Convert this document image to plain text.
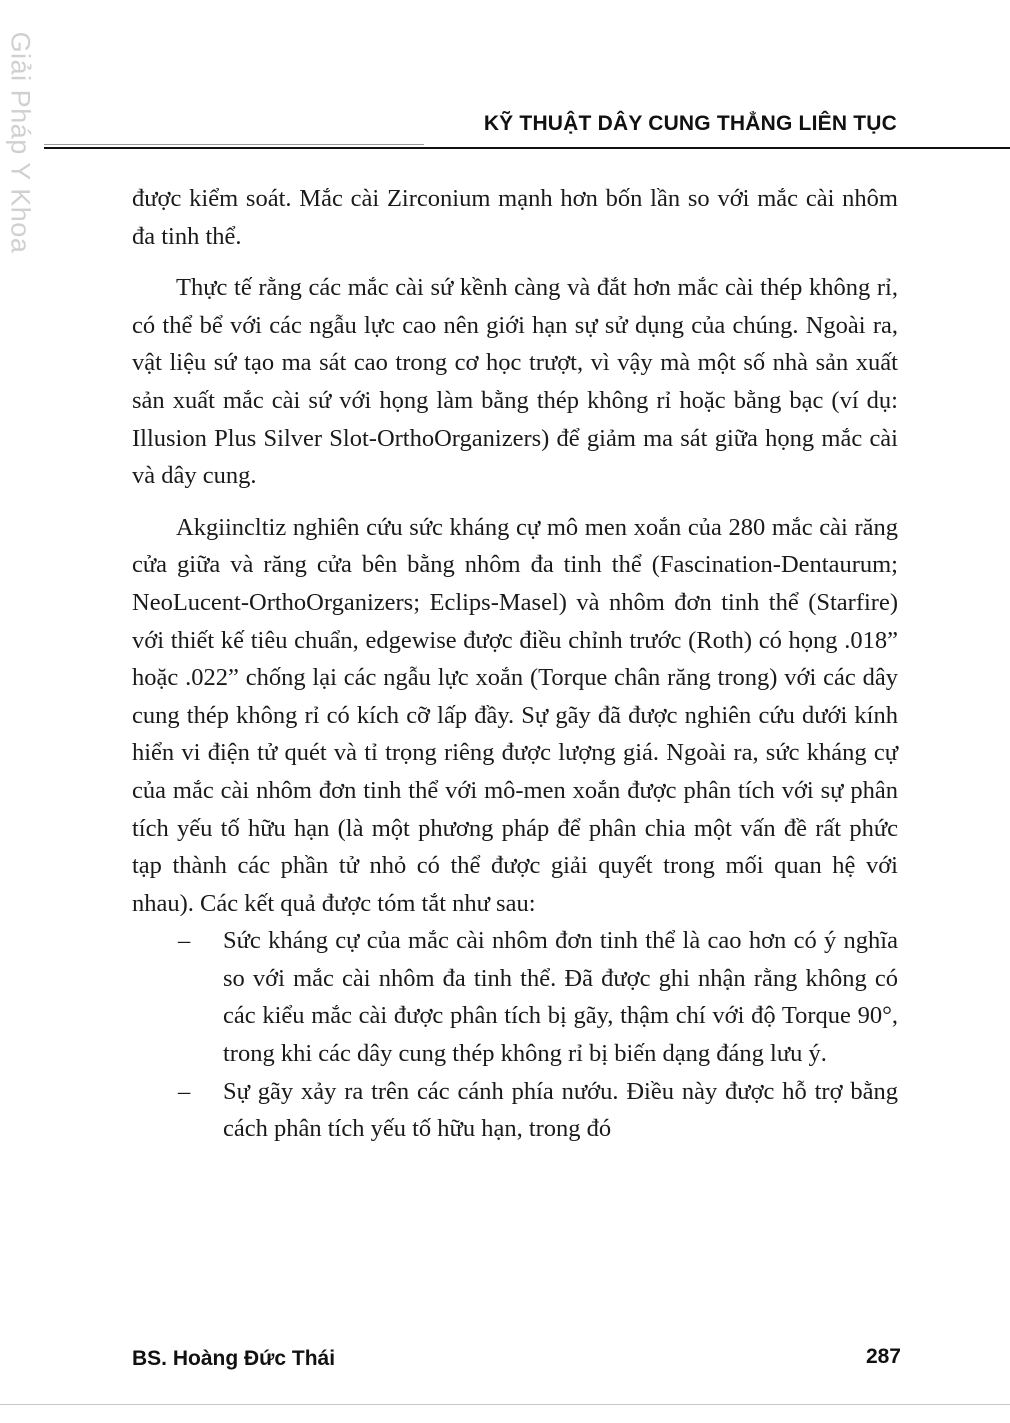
Giải Pháp Y Khoa	KỸ THUẬT DÂY CUNG THẲNG LIÊN TỤC

được kiểm soát. Mắc cài Zirconium mạnh hơn bốn lần so với mắc cài nhôm đa tinh thể.

Thực tế rằng các mắc cài sứ kềnh càng và đắt hơn mắc cài thép không rỉ, có thể bể với các ngẫu lực cao nên giới hạn sự sử dụng của chúng. Ngoài ra, vật liệu sứ tạo ma sát cao trong cơ học trượt, vì vậy mà một số nhà sản xuất sản xuất mắc cài sứ với họng làm bằng thép không rỉ hoặc bằng bạc (ví dụ: Illusion Plus Silver Slot-OrthoOrganizers) để giảm ma sát giữa họng mắc cài và dây cung.

Akgiincltiz nghiên cứu sức kháng cự mô men xoắn của 280 mắc cài răng cửa giữa và răng cửa bên bằng nhôm đa tinh thể (Fascination-Dentaurum; NeoLucent-OrthoOrganizers; Eclips-Masel) và nhôm đơn tinh thể (Starfire) với thiết kế tiêu chuẩn, edgewise được điều chỉnh trước (Roth) có họng .018” hoặc .022” chống lại các ngẫu lực xoắn (Torque chân răng trong) với các dây cung thép không rỉ có kích cỡ lấp đầy. Sự gãy đã được nghiên cứu dưới kính hiển vi điện tử quét và tỉ trọng riêng được lượng giá. Ngoài ra, sức kháng cự của mắc cài nhôm đơn tinh thể với mô-men xoắn được phân tích với sự phân tích yếu tố hữu hạn (là một phương pháp để phân chia một vấn đề rất phức tạp thành các phần tử nhỏ có thể được giải quyết trong mối quan hệ với nhau). Các kết quả được tóm tắt như sau:

– Sức kháng cự của mắc cài nhôm đơn tinh thể là cao hơn có ý nghĩa so với mắc cài nhôm đa tinh thể. Đã được ghi nhận rằng không có các kiểu mắc cài được phân tích bị gãy, thậm chí với độ Torque 90°, trong khi các dây cung thép không rỉ bị biến dạng đáng lưu ý.
– Sự gãy xảy ra trên các cánh phía nướu. Điều này được hỗ trợ bằng cách phân tích yếu tố hữu hạn, trong đó
BS. Hoàng Đức Thái	287
